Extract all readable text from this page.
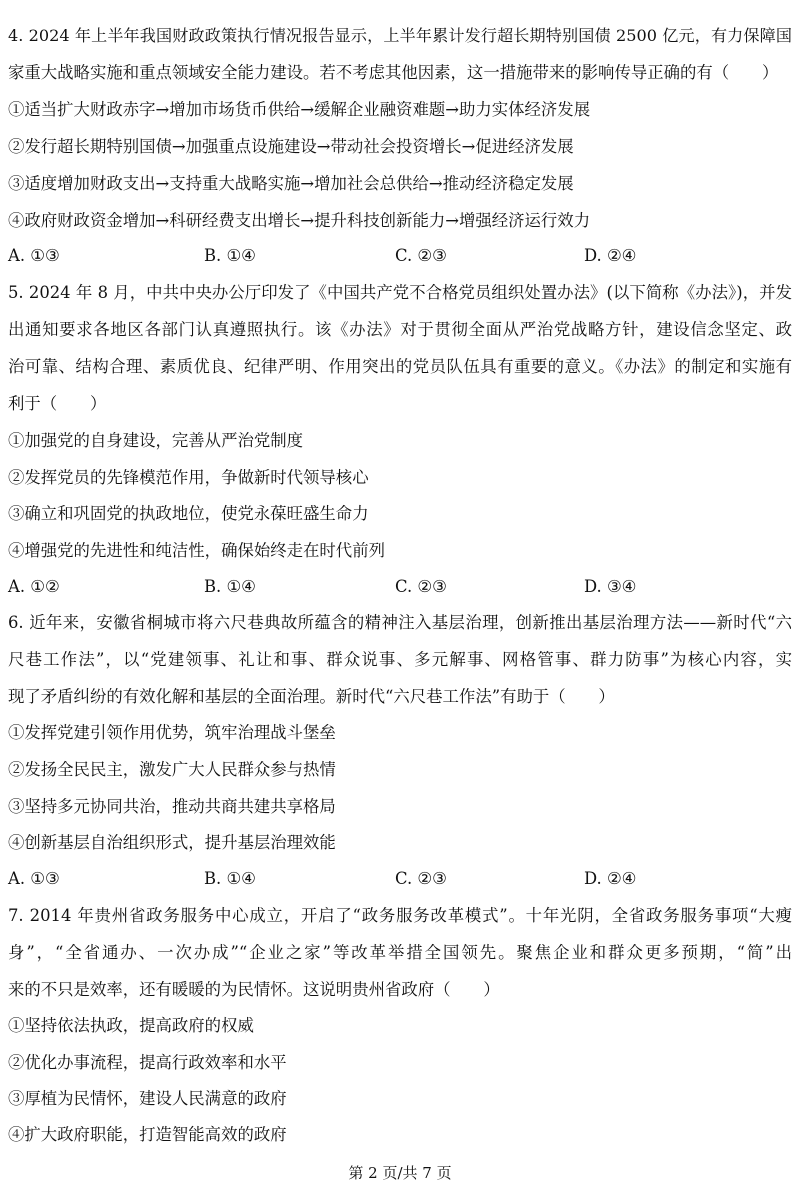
4. 2024 年上半年我国财政政策执行情况报告显示，上半年累计发行超长期特别国债 2500 亿元，有力保障国
家重大战略实施和重点领域安全能力建设。若不考虑其他因素，这一措施带来的影响传导正确的有（　　）
①适当扩大财政赤字→增加市场货币供给→缓解企业融资难题→助力实体经济发展
②发行超长期特别国债→加强重点设施建设→带动社会投资增长→促进经济发展
③适度增加财政支出→支持重大战略实施→增加社会总供给→推动经济稳定发展
④政府财政资金增加→科研经费支出增长→提升科技创新能力→增强经济运行效力
A. ①③	B. ①④	C. ②③	D. ②④
5. 2024 年 8 月，中共中央办公厅印发了《中国共产党不合格党员组织处置办法》(以下简称《办法》)，并发
出通知要求各地区各部门认真遵照执行。该《办法》对于贯彻全面从严治党战略方针，建设信念坚定、政
治可靠、结构合理、素质优良、纪律严明、作用突出的党员队伍具有重要的意义。《办法》的制定和实施有
利于（　　）
①加强党的自身建设，完善从严治党制度
②发挥党员的先锋模范作用，争做新时代领导核心
③确立和巩固党的执政地位，使党永葆旺盛生命力
④增强党的先进性和纯洁性，确保始终走在时代前列
A. ①②	B. ①④	C. ②③	D. ③④
6. 近年来，安徽省桐城市将六尺巷典故所蕴含的精神注入基层治理，创新推出基层治理方法——新时代“六
尺巷工作法”，以“党建领事、礼让和事、群众说事、多元解事、网格管事、群力防事”为核心内容，实
现了矛盾纠纷的有效化解和基层的全面治理。新时代“六尺巷工作法”有助于（　　）
①发挥党建引领作用优势，筑牢治理战斗堡垒
②发扬全民民主，激发广大人民群众参与热情
③坚持多元协同共治，推动共商共建共享格局
④创新基层自治组织形式，提升基层治理效能
A. ①③	B. ①④	C. ②③	D. ②④
7. 2014 年贵州省政务服务中心成立，开启了“政务服务改革模式”。十年光阴，全省政务服务事项“大瘦
身”，“全省通办、一次办成”“企业之家”等改革举措全国领先。聚焦企业和群众更多预期，“简”出
来的不只是效率，还有暖暖的为民情怀。这说明贵州省政府（　　）
①坚持依法执政，提高政府的权威
②优化办事流程，提高行政效率和水平
③厚植为民情怀，建设人民满意的政府
④扩大政府职能，打造智能高效的政府
第 2 页/共 7 页
